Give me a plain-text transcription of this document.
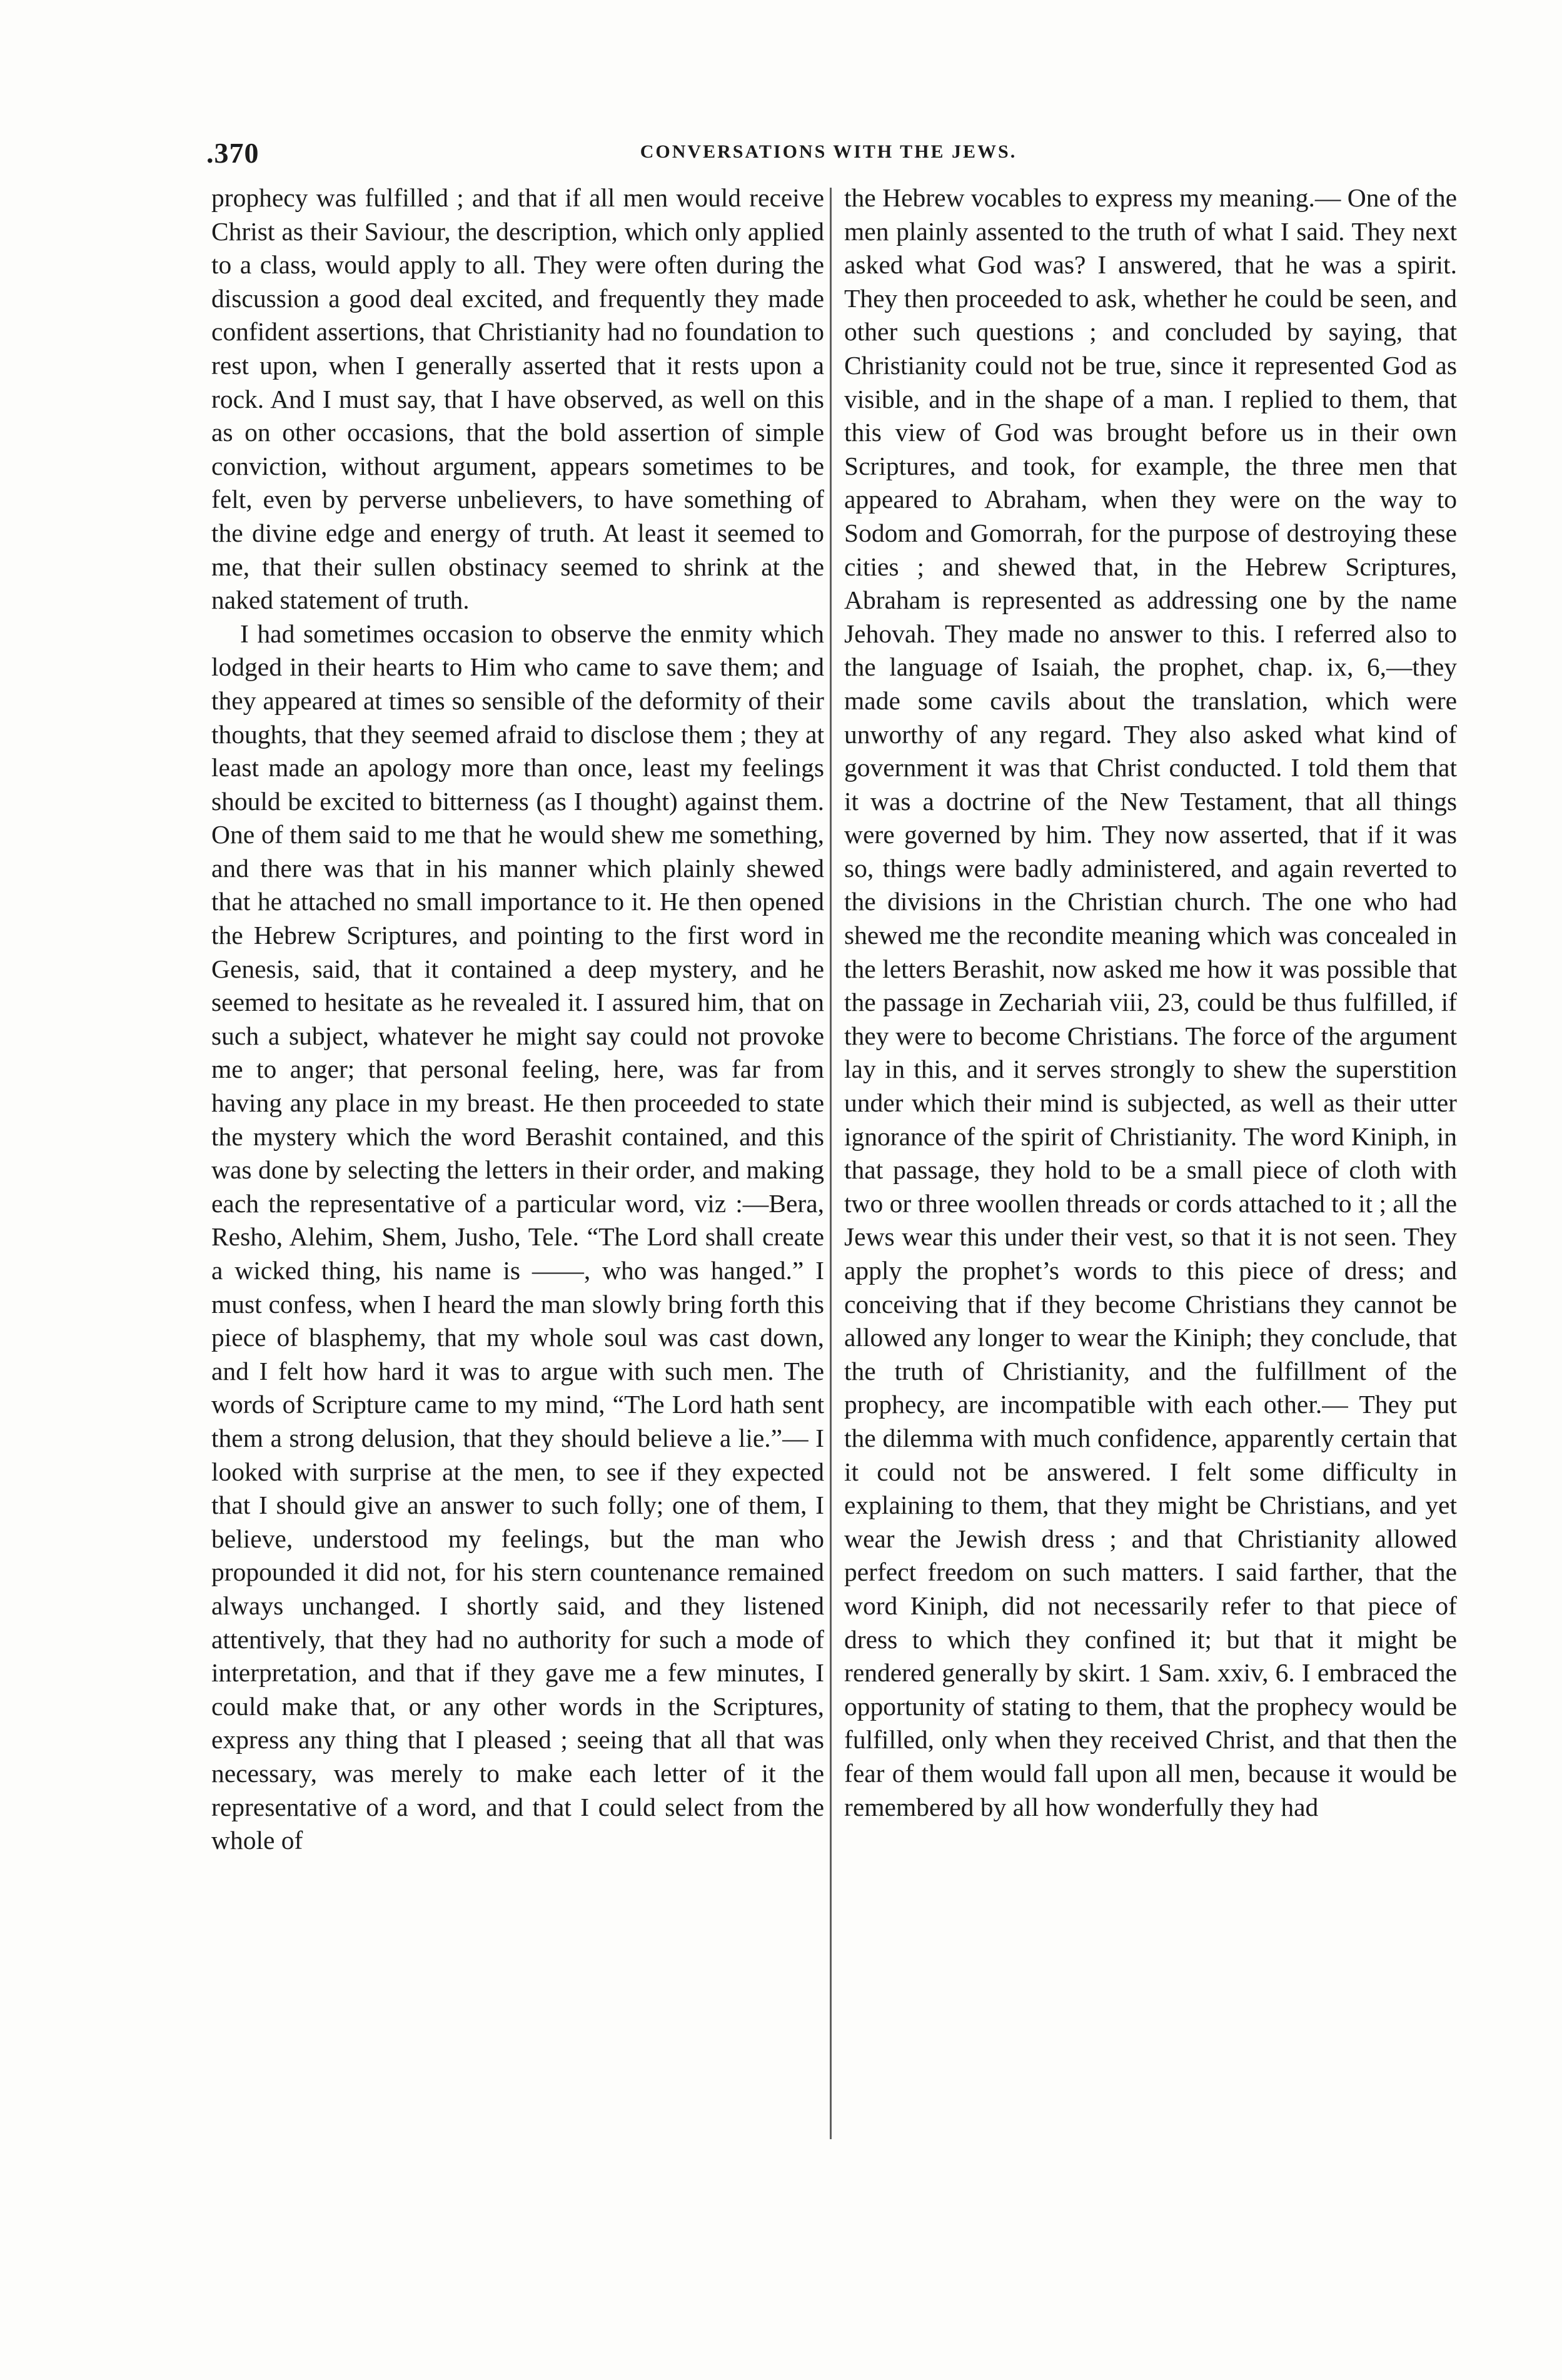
.370	CONVERSATIONS WITH THE JEWS.

prophecy was fulfilled ; and that if all men would receive Christ as their Saviour, the description, which only applied to a class, would apply to all. They were often during the discussion a good deal excited, and frequently they made confident assertions, that Christianity had no foundation to rest upon, when I generally asserted that it rests upon a rock. And I must say, that I have observed, as well on this as on other occasions, that the bold assertion of simple conviction, without argument, appears sometimes to be felt, even by perverse unbelievers, to have something of the divine edge and energy of truth. At least it seemed to me, that their sullen obstinacy seemed to shrink at the naked statement of truth.

I had sometimes occasion to observe the enmity which lodged in their hearts to Him who came to save them; and they appeared at times so sensible of the deformity of their thoughts, that they seemed afraid to disclose them ; they at least made an apology more than once, least my feelings should be excited to bitterness (as I thought) against them. One of them said to me that he would shew me something, and there was that in his manner which plainly shewed that he attached no small importance to it. He then opened the Hebrew Scriptures, and pointing to the first word in Genesis, said, that it contained a deep mystery, and he seemed to hesitate as he revealed it. I assured him, that on such a subject, whatever he might say could not provoke me to anger; that personal feeling, here, was far from having any place in my breast. He then proceeded to state the mystery which the word Berashit contained, and this was done by selecting the letters in their order, and making each the representative of a particular word, viz :—Bera, Resho, Alehim, Shem, Jusho, Tele. “The Lord shall create a wicked thing, his name is ——, who was hanged.” I must confess, when I heard the man slowly bring forth this piece of blasphemy, that my whole soul was cast down, and I felt how hard it was to argue with such men. The words of Scripture came to my mind, “The Lord hath sent them a strong delusion, that they should believe a lie.”— I looked with surprise at the men, to see if they expected that I should give an answer to such folly; one of them, I believe, understood my feelings, but the man who propounded it did not, for his stern countenance remained always unchanged. I shortly said, and they listened attentively, that they had no authority for such a mode of interpretation, and that if they gave me a few minutes, I could make that, or any other words in the Scriptures, express any thing that I pleased ; seeing that all that was necessary, was merely to make each letter of it the representative of a word, and that I could select from the whole of

the Hebrew vocables to express my meaning.— One of the men plainly assented to the truth of what I said. They next asked what God was? I answered, that he was a spirit. They then proceeded to ask, whether he could be seen, and other such questions ; and concluded by saying, that Christianity could not be true, since it represented God as visible, and in the shape of a man. I replied to them, that this view of God was brought before us in their own Scriptures, and took, for example, the three men that appeared to Abraham, when they were on the way to Sodom and Gomorrah, for the purpose of destroying these cities ; and shewed that, in the Hebrew Scriptures, Abraham is represented as addressing one by the name Jehovah. They made no answer to this. I referred also to the language of Isaiah, the prophet, chap. ix, 6,—they made some cavils about the translation, which were unworthy of any regard. They also asked what kind of government it was that Christ conducted. I told them that it was a doctrine of the New Testament, that all things were governed by him. They now asserted, that if it was so, things were badly administered, and again reverted to the divisions in the Christian church. The one who had shewed me the recondite meaning which was concealed in the letters Berashit, now asked me how it was possible that the passage in Zechariah viii, 23, could be thus fulfilled, if they were to become Christians. The force of the argument lay in this, and it serves strongly to shew the superstition under which their mind is subjected, as well as their utter ignorance of the spirit of Christianity. The word Kiniph, in that passage, they hold to be a small piece of cloth with two or three woollen threads or cords attached to it ; all the Jews wear this under their vest, so that it is not seen. They apply the prophet’s words to this piece of dress; and conceiving that if they become Christians they cannot be allowed any longer to wear the Kiniph; they conclude, that the truth of Christianity, and the fulfillment of the prophecy, are incompatible with each other.— They put the dilemma with much confidence, apparently certain that it could not be answered. I felt some difficulty in explaining to them, that they might be Christians, and yet wear the Jewish dress ; and that Christianity allowed perfect freedom on such matters. I said farther, that the word Kiniph, did not necessarily refer to that piece of dress to which they confined it; but that it might be rendered generally by skirt. 1 Sam. xxiv, 6. I embraced the opportunity of stating to them, that the prophecy would be fulfilled, only when they received Christ, and that then the fear of them would fall upon all men, because it would be remembered by all how wonderfully they had
